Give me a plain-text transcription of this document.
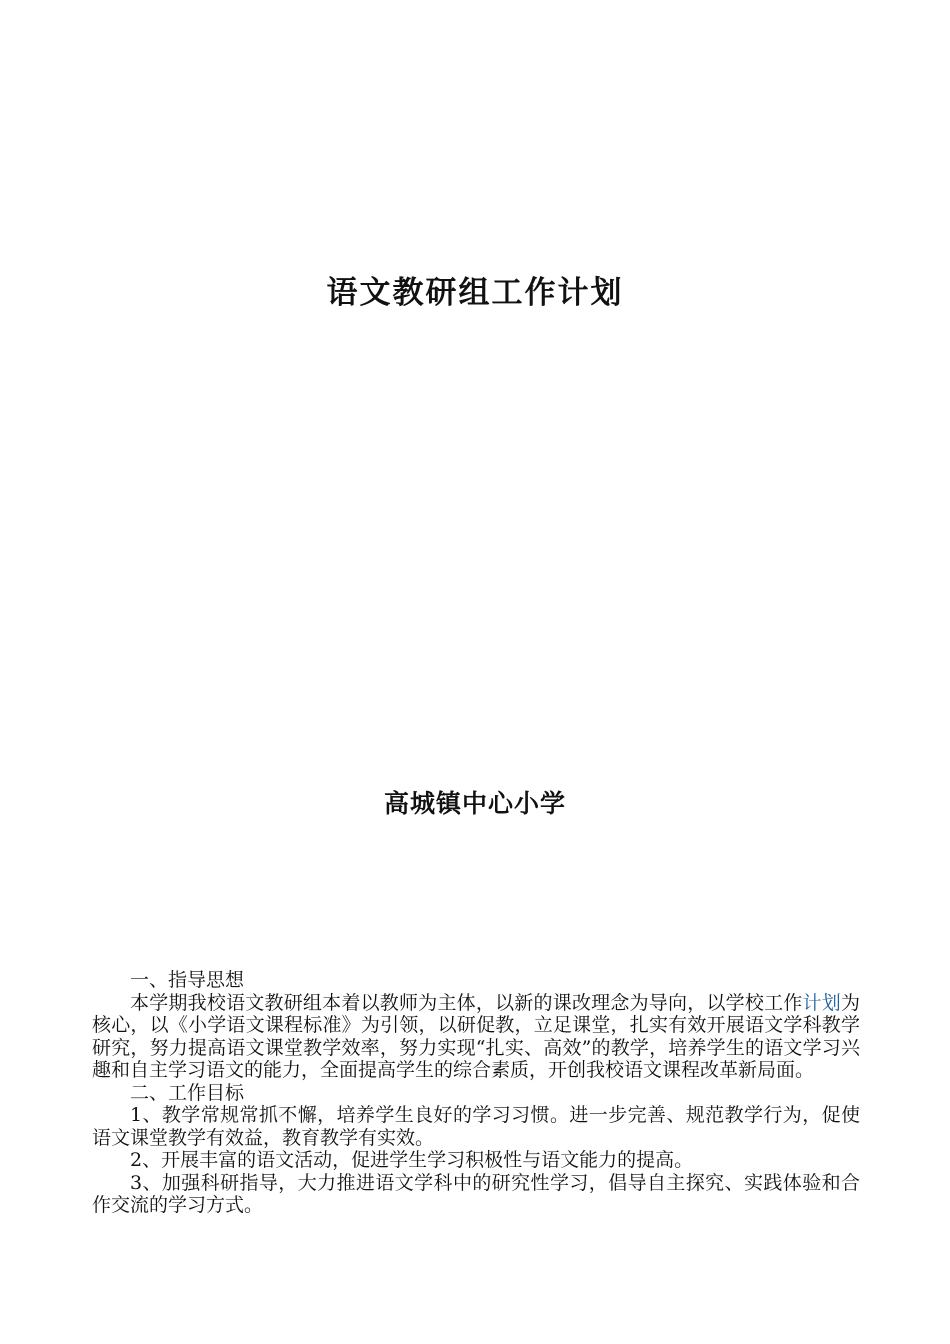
语文教研组工作计划
高城镇中心小学

一、指导思想

本学期我校语文教研组本着以教师为主体，以新的课改理念为导向，以学校工作计划为核心，以《小学语文课程标准》为引领，以研促教，立足课堂，扎实有效开展语文学科教学研究，努力提高语文课堂教学效率，努力实现“扎实、高效”的教学，培养学生的语文学习兴趣和自主学习语文的能力，全面提高学生的综合素质，开创我校语文课程改革新局面。

二、工作目标

1、教学常规常抓不懈，培养学生良好的学习习惯。进一步完善、规范教学行为，促使语文课堂教学有效益，教育教学有实效。

2、开展丰富的语文活动，促进学生学习积极性与语文能力的提高。

3、加强科研指导，大力推进语文学科中的研究性学习，倡导自主探究、实践体验和合作交流的学习方式。
